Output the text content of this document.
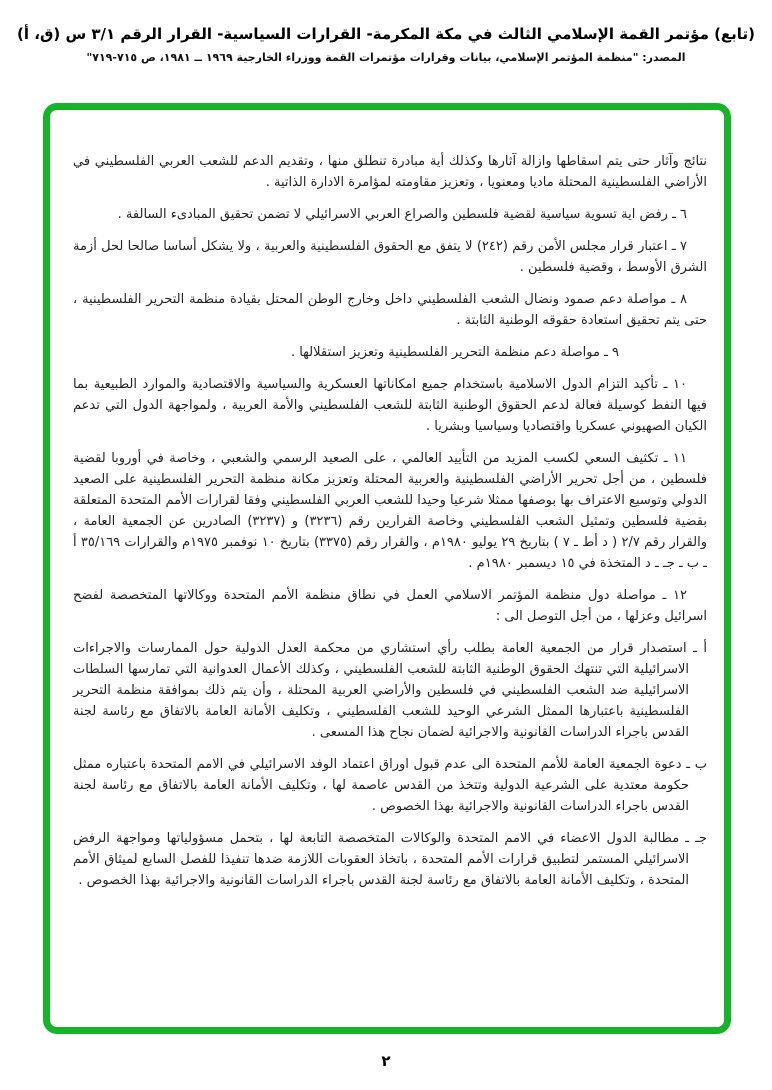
(تابع) مؤتمر القمة الإسلامي الثالث في مكة المكرمة- القرارات السياسية- القرار الرقم ٣/١ س (ق، أ)
المصدر: "منظمة المؤتمر الإسلامي، بيانات وقرارات مؤتمرات القمة ووزراء الخارجية ١٩٦٩ ــ ١٩٨١، ص ٧١٥-٧١٩"

نتائج وآثار حتى يتم اسقاطها وازالة آثارها وكذلك أية مبادرة تنطلق منها ، وتقديم الدعم للشعب العربي الفلسطيني في الأراضي الفلسطينية المحتلة ماديا ومعنويا ، وتعزيز مقاومته لمؤامرة الادارة الذاتية .

٦ ـ رفض اية تسوية سياسية لقضية فلسطين والصراع العربي الاسرائيلي لا تضمن تحقيق المبادىء السالفة .

٧ ـ اعتبار قرار مجلس الأمن رقم (٢٤٢) لا يتفق مع الحقوق الفلسطينية والعربية ، ولا يشكل أساسا صالحا لحل أزمة الشرق الأوسط ، وقضية فلسطين .

٨ ـ مواصلة دعم صمود ونضال الشعب الفلسطيني داخل وخارج الوطن المحتل بقيادة منظمة التحرير الفلسطينية ، حتى يتم تحقيق استعادة حقوقه الوطنية الثابتة .

٩ ـ مواصلة دعم منظمة التحرير الفلسطينية وتعزيز استقلالها .

١٠ ـ تأكيد التزام الدول الاسلامية باستخدام جميع امكاناتها العسكرية والسياسية والاقتصادية والموارد الطبيعية بما فيها النفط كوسيلة فعالة لدعم الحقوق الوطنية الثابتة للشعب الفلسطيني والأمة العربية ، ولمواجهة الدول التي تدعم الكيان الصهيوني عسكريا واقتصاديا وسياسيا وبشريا .

١١ ـ تكثيف السعي لكسب المزيد من التأييد العالمي ، على الصعيد الرسمي والشعبي ، وخاصة في أوروبا لقضية فلسطين ، من أجل تحرير الأراضي الفلسطينية والعربية المحتلة وتعزيز مكانة منظمة التحرير الفلسطينية على الصعيد الدولي وتوسيع الاعتراف بها بوصفها ممثلا شرعيا وحيدا للشعب العربي الفلسطيني وفقا لقرارات الأمم المتحدة المتعلقة بقضية فلسطين وتمثيل الشعب الفلسطيني وخاصة القرارين رقم (٣٢٣٦) و (٣٢٣٧) الصادرين عن الجمعية العامة ، والقرار رقم ٢/٧ ( د أط ـ ٧ ) بتاريخ ٢٩ يوليو ١٩٨٠م ، والقرار رقم (٣٣٧٥) بتاريخ ١٠ نوفمبر ١٩٧٥م والقرارات ٣٥/١٦٩ أ ـ ب ـ جـ ـ د المتخذة في ١٥ ديسمبر ١٩٨٠م .

١٢ ـ مواصلة دول منظمة المؤتمر الاسلامي العمل في نطاق منظمة الأمم المتحدة ووكالاتها المتخصصة لفضح اسرائيل وعزلها ، من أجل التوصل الى :

أ ـ استصدار قرار من الجمعية العامة بطلب رأي استشاري من محكمة العدل الدولية حول الممارسات والاجراءات الاسرائيلية التي تنتهك الحقوق الوطنية الثابتة للشعب الفلسطيني ، وكذلك الأعمال العدوانية التي تمارسها السلطات الاسرائيلية ضد الشعب الفلسطيني في فلسطين والأراضي العربية المحتلة ، وأن يتم ذلك بموافقة منظمة التحرير الفلسطينية باعتبارها الممثل الشرعي الوحيد للشعب الفلسطيني ، وتكليف الأمانة العامة بالاتفاق مع رئاسة لجنة القدس باجراء الدراسات القانونية والاجرائية لضمان نجاح هذا المسعى .

ب ـ دعوة الجمعية العامة للأمم المتحدة الى عدم قبول اوراق اعتماد الوفد الاسرائيلي في الامم المتحدة باعتباره ممثل حكومة معتدية على الشرعية الدولية وتتخذ من القدس عاصمة لها ، وتكليف الأمانة العامة بالاتفاق مع رئاسة لجنة القدس باجراء الدراسات القانونية والاجرائية بهذا الخصوص .

جـ ـ مطالبة الدول الاعضاء في الامم المتحدة والوكالات المتخصصة التابعة لها ، بتحمل مسؤولياتها ومواجهة الرفض الاسرائيلي المستمر لتطبيق قرارات الأمم المتحدة ، باتخاذ العقوبات اللازمة ضدها تنفيذا للفصل السابع لميثاق الأمم المتحدة ، وتكليف الأمانة العامة بالاتفاق مع رئاسة لجنة القدس باجراء الدراسات القانونية والاجرائية بهذا الخصوص .

٢
